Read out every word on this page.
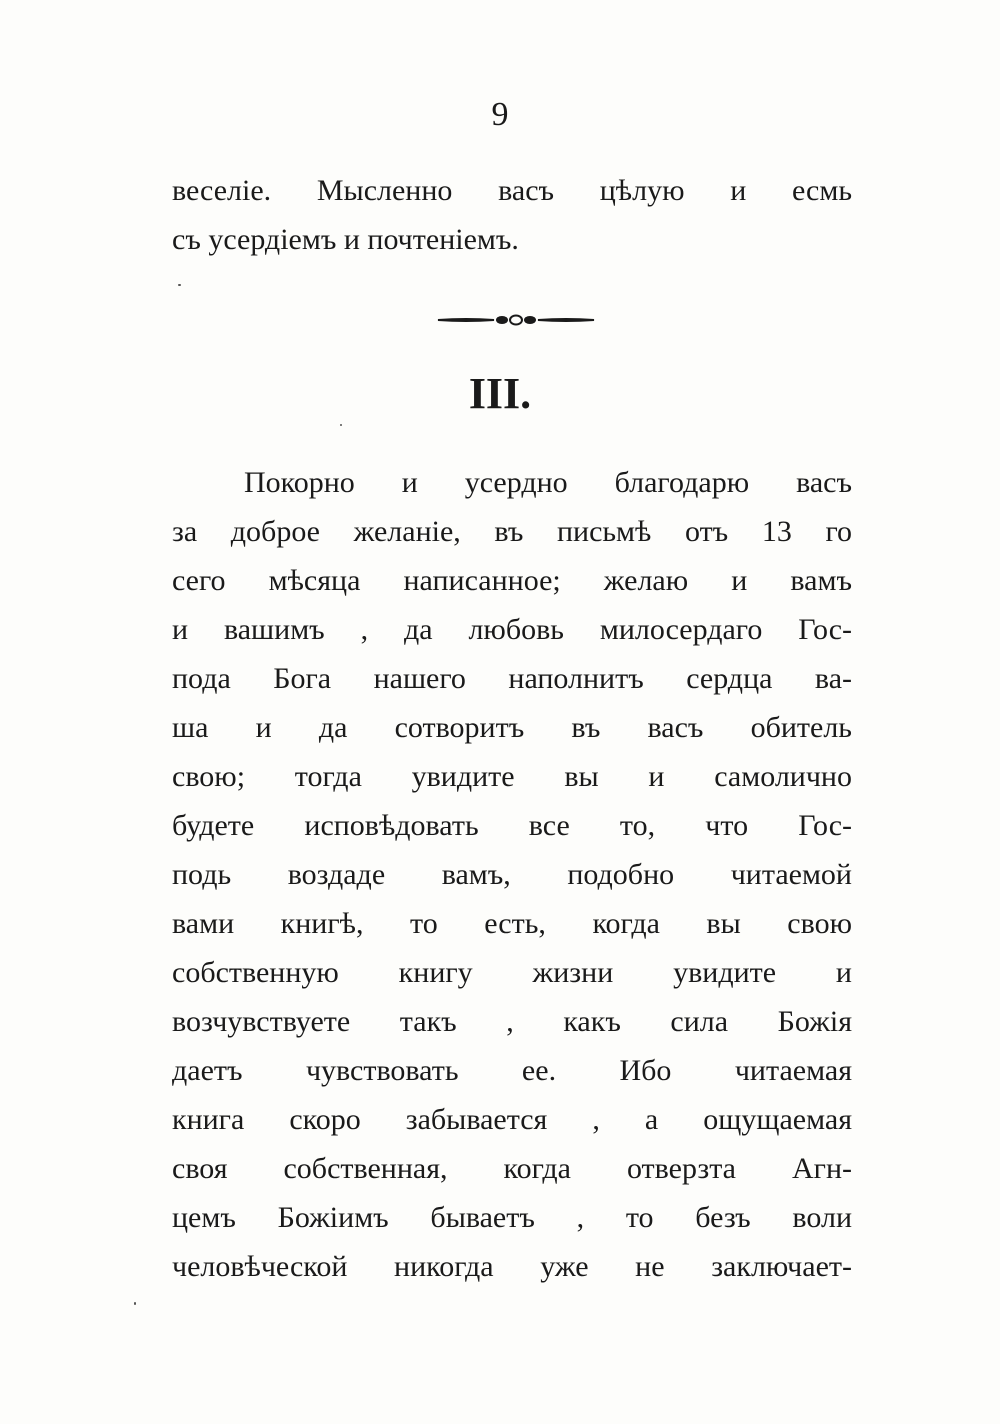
9
веселіе. Мысленно васъ цѣлую и есмь
съ усердіемъ и почтеніемъ.
III.
Покорно и усердно благодарю васъ
за доброе желаніе, въ письмѣ отъ 13 го
сего мѣсяца написанное; желаю и вамъ
и вашимъ , да любовь милосердаго Гос-
пода Бога нашего наполнитъ сердца ва-
ша и да сотворитъ въ васъ обитель
свою; тогда увидите вы и самолично
будете исповѣдовать все то, что Гос-
подь воздаде вамъ, подобно читаемой
вами книгѣ, то есть, когда вы свою
собственную книгу жизни увидите и
возчувствуете такъ , какъ сила Божія
даетъ чувствовать ее. Ибо читаемая
книга скоро забывается , а ощущаемая
своя собственная, когда отверзта Агн-
цемъ Божіимъ бываетъ , то безъ воли
человѣческой никогда уже не заключает-
